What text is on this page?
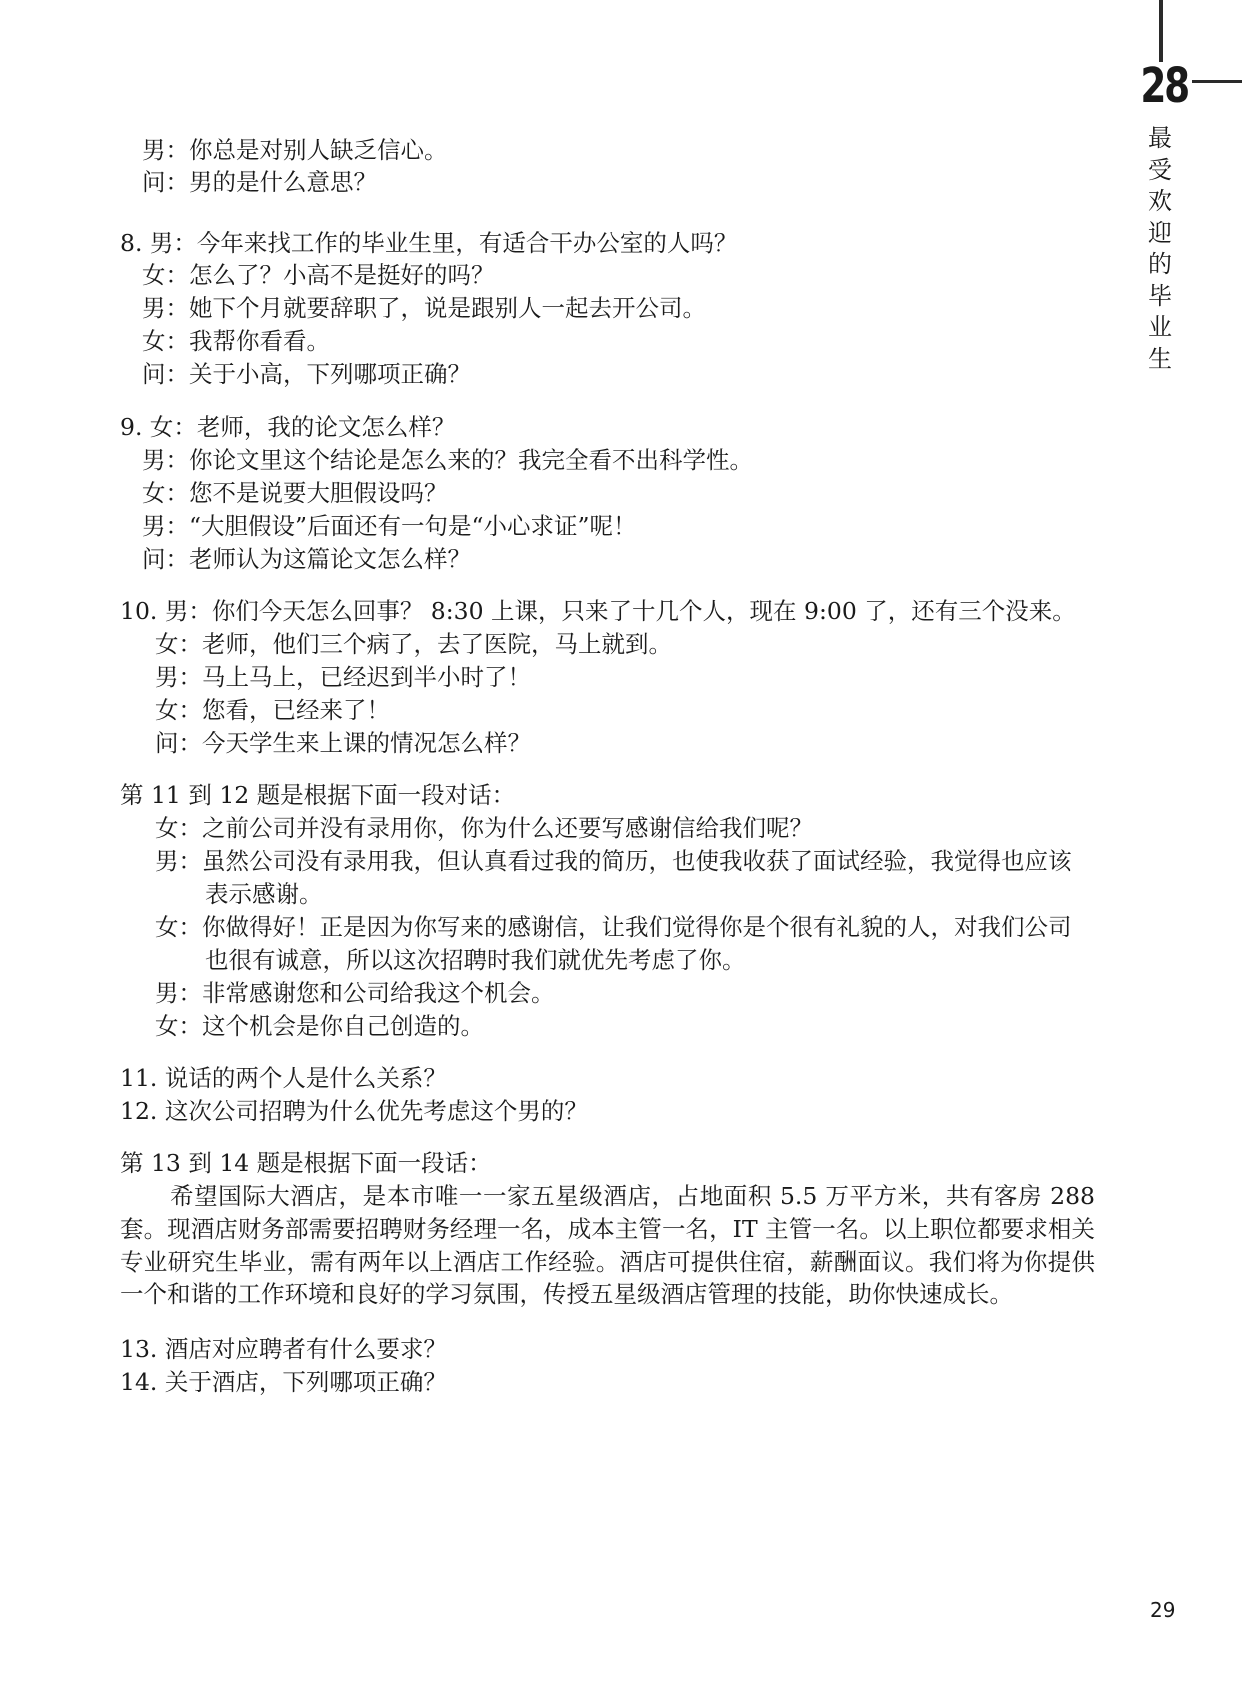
28
最受欢迎的毕业生
男：你总是对别人缺乏信心。
问：男的是什么意思？
8. 男：今年来找工作的毕业生里，有适合干办公室的人吗？
女：怎么了？小高不是挺好的吗？
男：她下个月就要辞职了，说是跟别人一起去开公司。
女：我帮你看看。
问：关于小高，下列哪项正确？
9. 女：老师，我的论文怎么样？
男：你论文里这个结论是怎么来的？我完全看不出科学性。
女：您不是说要大胆假设吗？
男：“大胆假设”后面还有一句是“小心求证”呢！
问：老师认为这篇论文怎么样？
10. 男：你们今天怎么回事？ 8:30 上课，只来了十几个人，现在 9:00 了，还有三个没来。
女：老师，他们三个病了，去了医院，马上就到。
男：马上马上，已经迟到半小时了！
女：您看，已经来了！
问：今天学生来上课的情况怎么样？
第 11 到 12 题是根据下面一段对话：
女：之前公司并没有录用你，你为什么还要写感谢信给我们呢？
男：虽然公司没有录用我，但认真看过我的简历，也使我收获了面试经验，我觉得也应该
表示感谢。
女：你做得好！正是因为你写来的感谢信，让我们觉得你是个很有礼貌的人，对我们公司
也很有诚意，所以这次招聘时我们就优先考虑了你。
男：非常感谢您和公司给我这个机会。
女：这个机会是你自己创造的。
11. 说话的两个人是什么关系？
12. 这次公司招聘为什么优先考虑这个男的？
第 13 到 14 题是根据下面一段话：
希望国际大酒店，是本市唯一一家五星级酒店，占地面积 5.5 万平方米，共有客房 288 套。现酒店财务部需要招聘财务经理一名，成本主管一名，IT 主管一名。以上职位都要求相关专业研究生毕业，需有两年以上酒店工作经验。酒店可提供住宿，薪酬面议。我们将为你提供一个和谐的工作环境和良好的学习氛围，传授五星级酒店管理的技能，助你快速成长。
13. 酒店对应聘者有什么要求？
14. 关于酒店，下列哪项正确？
29
